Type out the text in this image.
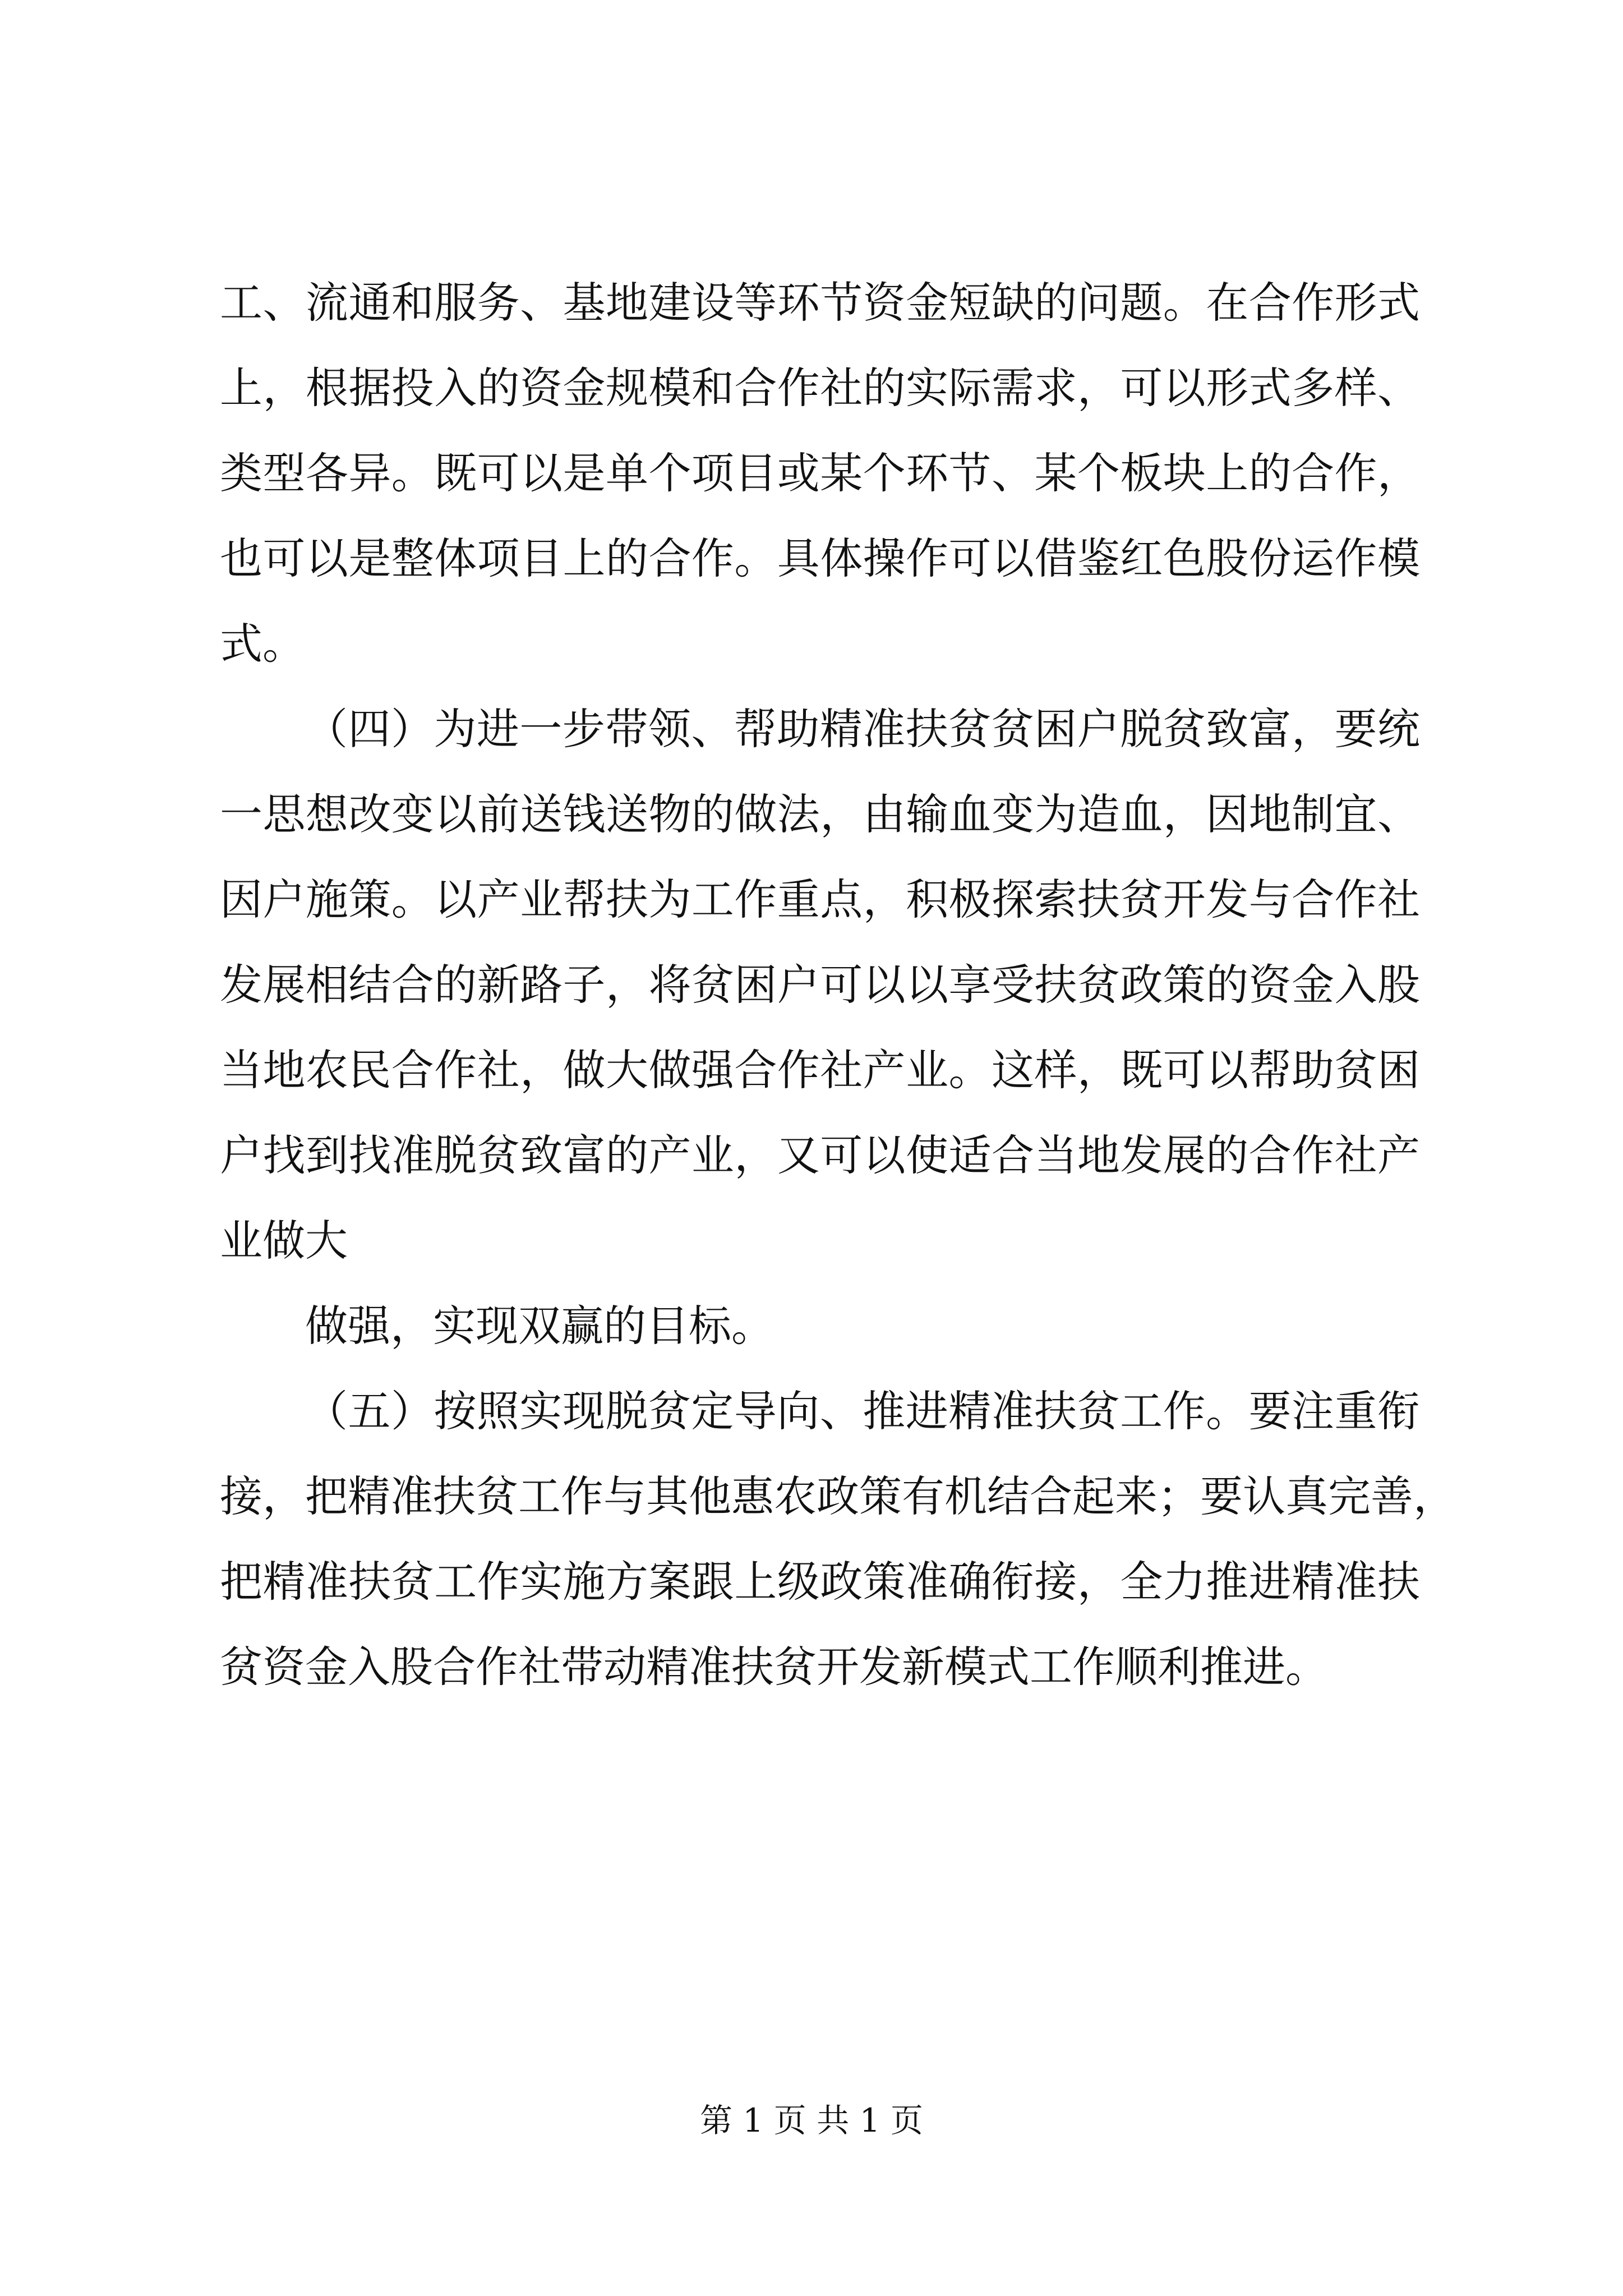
工、流通和服务、基地建设等环节资金短缺的问题。在合作形式
上，根据投入的资金规模和合作社的实际需求，可以形式多样、
类型各异。既可以是单个项目或某个环节、某个板块上的合作，
也可以是整体项目上的合作。具体操作可以借鉴红色股份运作模
式。
（四）为进一步带领、帮助精准扶贫贫困户脱贫致富，要统
一思想改变以前送钱送物的做法，由输血变为造血，因地制宜、
因户施策。以产业帮扶为工作重点，积极探索扶贫开发与合作社
发展相结合的新路子，将贫困户可以以享受扶贫政策的资金入股
当地农民合作社，做大做强合作社产业。这样，既可以帮助贫困
户找到找准脱贫致富的产业，又可以使适合当地发展的合作社产
业做大
做强，实现双赢的目标。
（五）按照实现脱贫定导向、推进精准扶贫工作。要注重衔
接，把精准扶贫工作与其他惠农政策有机结合起来；要认真完善，
把精准扶贫工作实施方案跟上级政策准确衔接，全力推进精准扶
贫资金入股合作社带动精准扶贫开发新模式工作顺利推进。
第 1 页 共 1 页
